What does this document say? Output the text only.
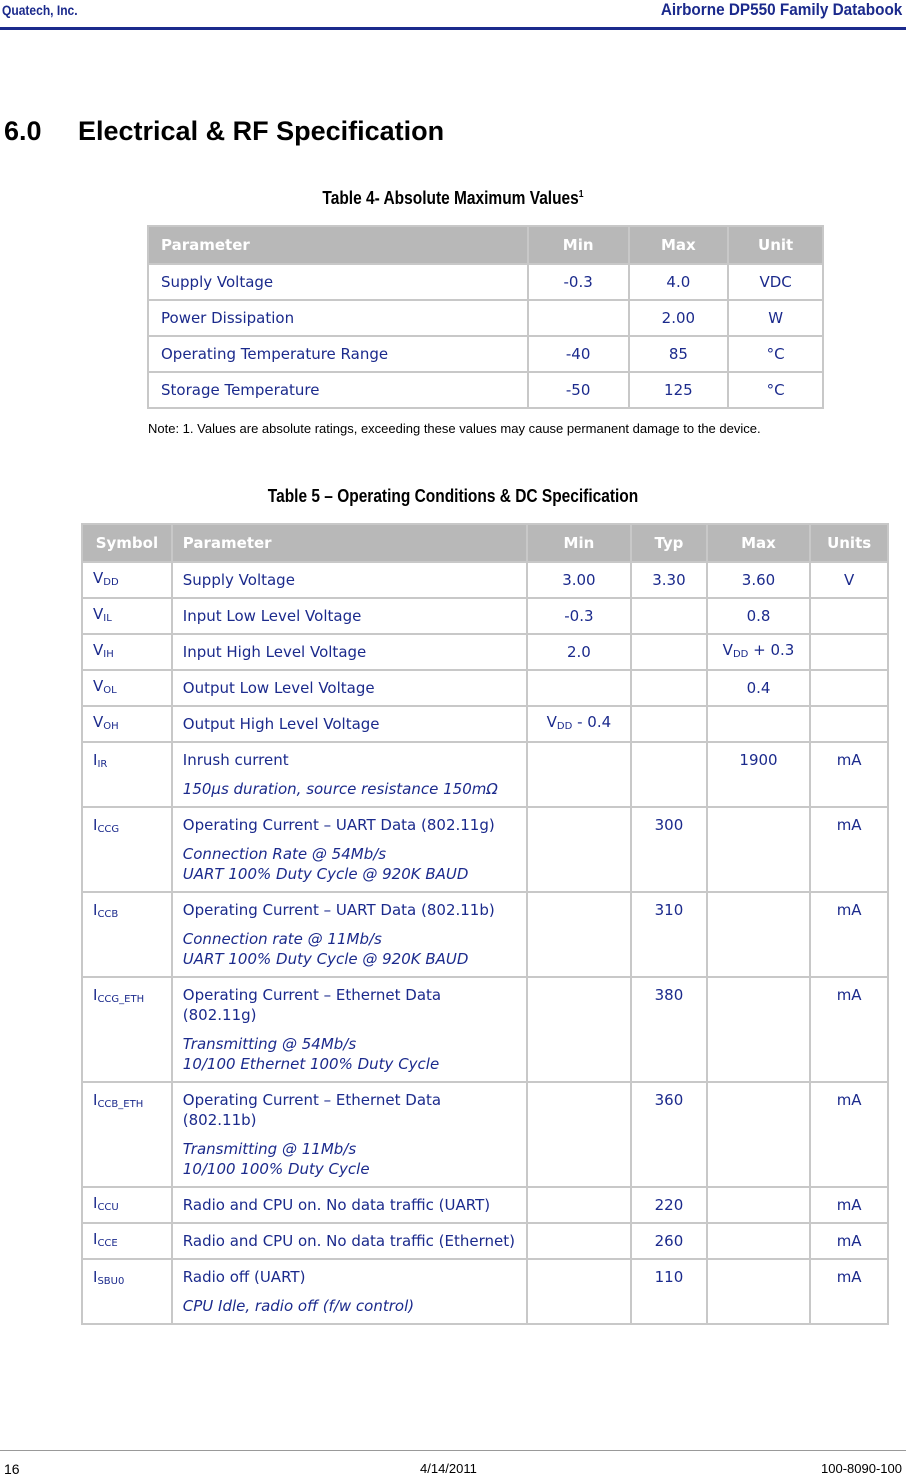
Quatech, Inc.	Airborne DP550 Family Databook
6.0 Electrical & RF Specification
Table 4- Absolute Maximum Values$^1$
Parameter	Min	Max	Unit
Supply Voltage	-0.3	4.0	VDC
Power Dissipation		2.00	W
Operating Temperature Range	-40	85	°C
Storage Temperature	-50	125	°C
Note: 1. Values are absolute ratings, exceeding these values may cause permanent damage to the device.
Table 5 – Operating Conditions & DC Specification
Symbol	Parameter	Min	Typ	Max	Units
$V_{DD}$	Supply Voltage	3.00	3.30	3.60	V
$V_{IL}$	Input Low Level Voltage	-0.3		0.8	
$V_{IH}$	Input High Level Voltage	2.0		$V_{DD} + 0.3$	
$V_{OL}$	Output Low Level Voltage			0.4	
$V_{OH}$	Output High Level Voltage	$V_{DD} - 0.4$			
$I_{IR}$	Inrush current
150µs duration, source resistance 150mΩ			1900	mA
$I_{CCG}$	Operating Current – UART Data (802.11g)
Connection Rate @ 54Mb/s
UART 100% Duty Cycle @ 920K BAUD		300		mA
$I_{CCB}$	Operating Current – UART Data (802.11b)
Connection rate @ 11Mb/s
UART 100% Duty Cycle @ 920K BAUD		310		mA
$I_{CCG\_ETH}$	Operating Current – Ethernet Data (802.11g)
Transmitting @ 54Mb/s
10/100 Ethernet 100% Duty Cycle		380		mA
$I_{CCB\_ETH}$	Operating Current – Ethernet Data (802.11b)
Transmitting @ 11Mb/s
10/100 100% Duty Cycle		360		mA
$I_{CCU}$	Radio and CPU on. No data traffic (UART)		220		mA
$I_{CCE}$	Radio and CPU on. No data traffic (Ethernet)		260		mA
$I_{SBU0}$	Radio off (UART)
CPU Idle, radio off (f/w control)		110		mA
16	4/14/2011	100-8090-100
